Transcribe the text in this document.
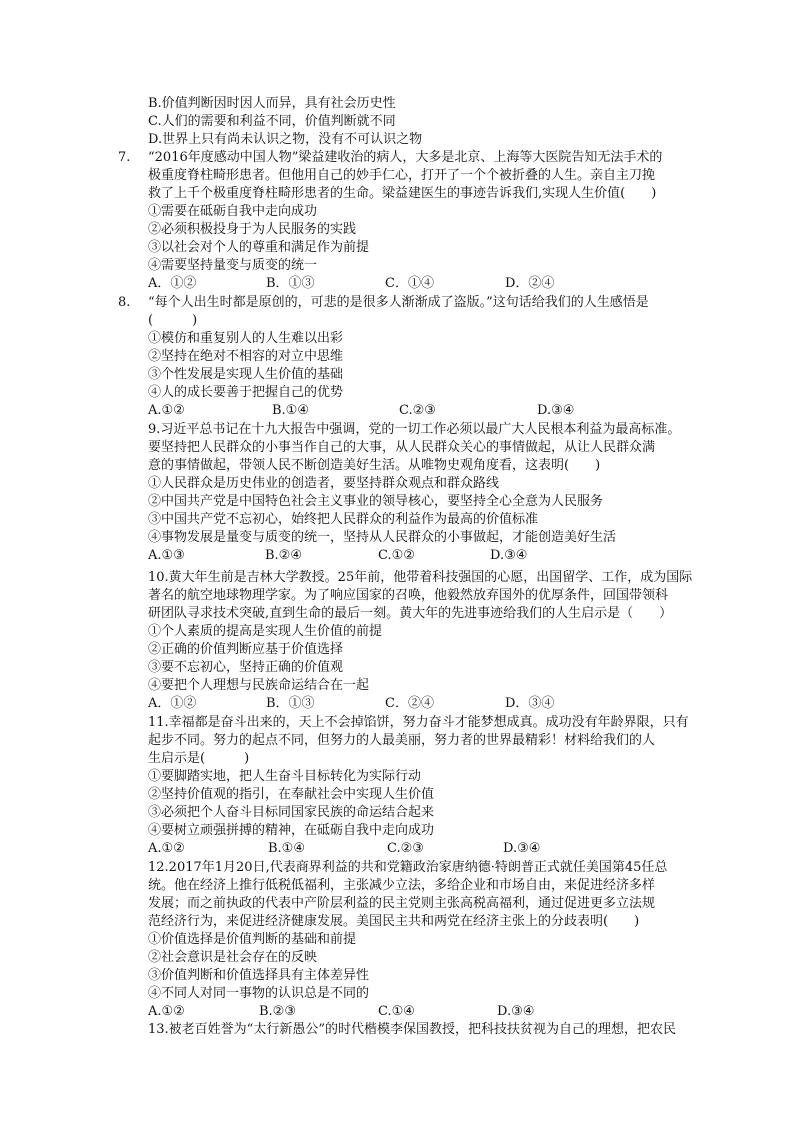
B.价值判断因时因人而异，具有社会历史性
C.人们的需要和利益不同，价值判断就不同
D.世界上只有尚未认识之物，没有不可认识之物
7. “2016年度感动中国人物”梁益建收治的病人，大多是北京、上海等大医院告知无法手术的
极重度脊柱畸形患者。但他用自己的妙手仁心，打开了一个个被折叠的人生。亲自主刀挽
救了上千个极重度脊柱畸形患者的生命。梁益建医生的事迹告诉我们,实现人生价值(　　)
①需要在砥砺自我中走向成功
②必须积极投身于为人民服务的实践
③以社会对个人的尊重和满足作为前提
④需要坚持量变与质变的统一
A．①②	B．①③	C．①④	D．②④
8. “每个人出生时都是原创的，可悲的是很多人渐渐成了盗版。”这句话给我们的人生感悟是
(　　　)
①模仿和重复别人的人生难以出彩
②坚持在绝对不相容的对立中思维
③个性发展是实现人生价值的基础
④人的成长要善于把握自己的优势
A.①②	B.①④	C.②③	D.③④
9.习近平总书记在十九大报告中强调，党的一切工作必须以最广大人民根本利益为最高标准。
要坚持把人民群众的小事当作自己的大事，从人民群众关心的事情做起，从让人民群众满
意的事情做起，带领人民不断创造美好生活。从唯物史观角度看，这表明(　　)
①人民群众是历史伟业的创造者，要坚持群众观点和群众路线
②中国共产党是中国特色社会主义事业的领导核心，要坚持全心全意为人民服务
③中国共产党不忘初心，始终把人民群众的利益作为最高的价值标准
④事物发展是量变与质变的统一，坚持从人民群众的小事做起，才能创造美好生活
A.①③	B.②④	C.①②	D.③④
10.黄大年生前是吉林大学教授。25年前，他带着科技强国的心愿，出国留学、工作，成为国际
著名的航空地球物理学家。为了响应国家的召唤，他毅然放弃国外的优厚条件，回国带领科
研团队寻求技术突破,直到生命的最后一刻。黄大年的先进事迹给我们的人生启示是（　　）
①个人素质的提高是实现人生价值的前提
②正确的价值判断应基于价值选择
③要不忘初心，坚持正确的价值观
④要把个人理想与民族命运结合在一起
A．①②	B．①③	C．②④	D．③④
11.幸福都是奋斗出来的，天上不会掉馅饼，努力奋斗才能梦想成真。成功没有年龄界限，只有
起步不同。努力的起点不同，但努力的人最美丽，努力者的世界最精彩！材料给我们的人
生启示是(　　　)
①要脚踏实地，把人生奋斗目标转化为实际行动
②坚持价值观的指引，在奉献社会中实现人生价值
③必须把个人奋斗目标同国家民族的命运结合起来
④要树立顽强拼搏的精神，在砥砺自我中走向成功
A.①②	B.①④	C.②③	D.③④
12.2017年1月20日,代表商界利益的共和党籍政治家唐纳德·特朗普正式就任美国第45任总
统。他在经济上推行低税低福利，主张减少立法，多给企业和市场自由，来促进经济多样
发展；而之前执政的代表中产阶层利益的民主党则主张高税高福利，通过促进更多立法规
范经济行为，来促进经济健康发展。美国民主共和两党在经济主张上的分歧表明(　　)
①价值选择是价值判断的基础和前提
②社会意识是社会存在的反映
③价值判断和价值选择具有主体差异性
④不同人对同一事物的认识总是不同的
A.①②	B.②③	C.①④	D.③④
13.被老百姓誉为“太行新愚公”的时代楷模李保国教授，把科技扶贫视为自己的理想，把农民
